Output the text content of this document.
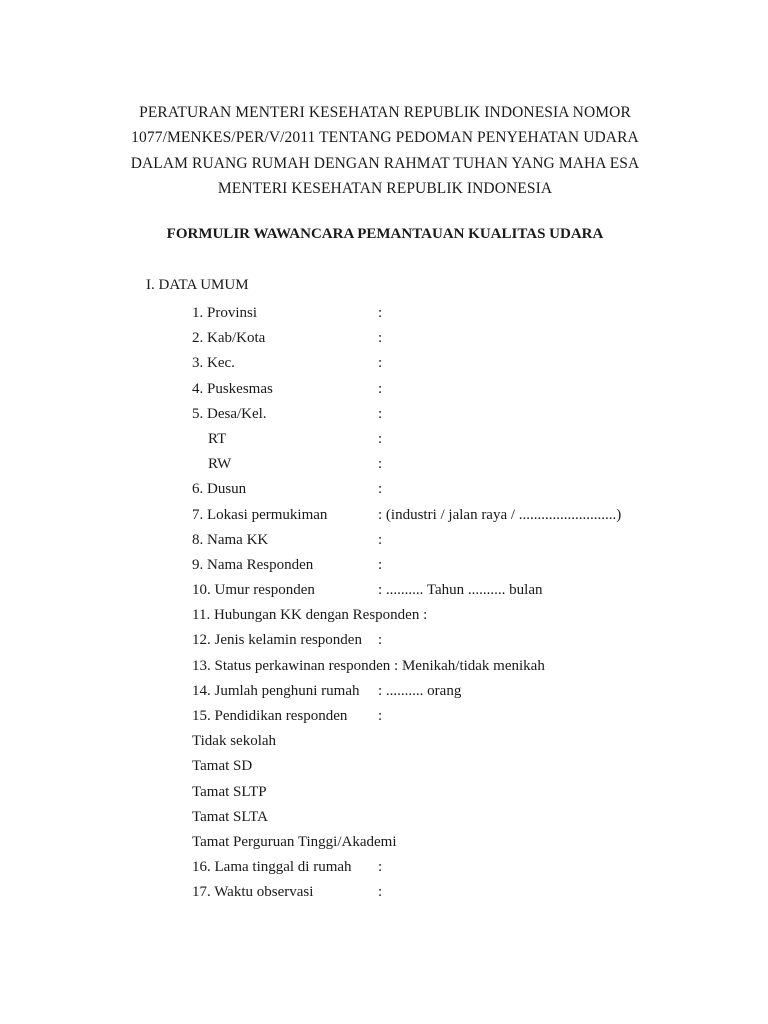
PERATURAN MENTERI KESEHATAN REPUBLIK INDONESIA NOMOR
1077/MENKES/PER/V/2011 TENTANG PEDOMAN PENYEHATAN UDARA
DALAM RUANG RUMAH DENGAN RAHMAT TUHAN YANG MAHA ESA
MENTERI KESEHATAN REPUBLIK INDONESIA
FORMULIR WAWANCARA PEMANTAUAN KUALITAS UDARA
I. DATA UMUM
1. Provinsi	:
2. Kab/Kota	:
3. Kec.	:
4. Puskesmas	:
5. Desa/Kel.	:
RT	:
RW	:
6. Dusun	:
7. Lokasi permukiman	: (industri / jalan raya / ..........................)
8. Nama KK	:
9. Nama Responden	:
10. Umur responden	: .......... Tahun .......... bulan
11. Hubungan KK dengan Responden :
12. Jenis kelamin responden :
13. Status perkawinan responden : Menikah/tidak menikah
14. Jumlah penghuni rumah : .......... orang
15. Pendidikan responden :
Tidak sekolah
Tamat SD
Tamat SLTP
Tamat SLTA
Tamat Perguruan Tinggi/Akademi
16. Lama tinggal di rumah :
17. Waktu observasi	:
